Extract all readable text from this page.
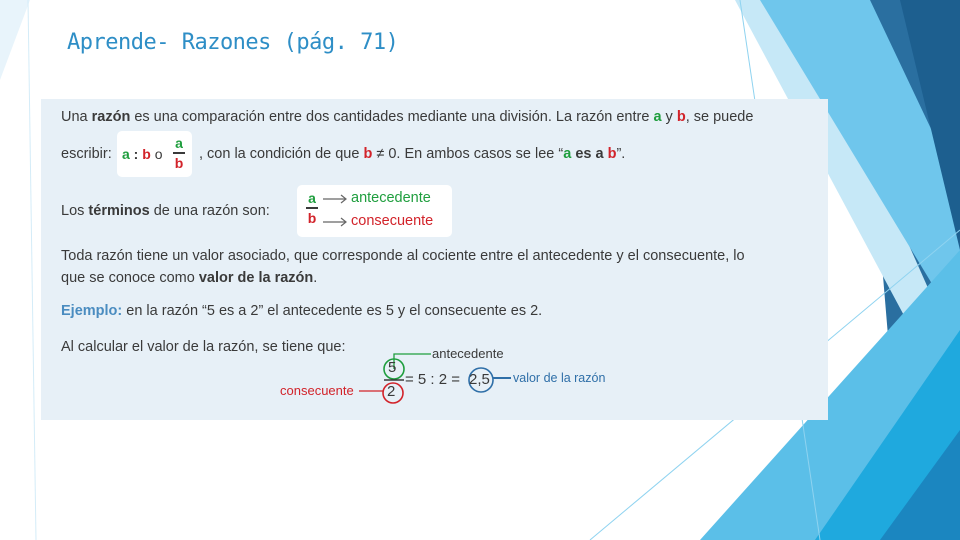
Aprende- Razones (pág. 71)
Una razón es una comparación entre dos cantidades mediante una división. La razón entre a y b, se puede
escribir: a : b o
a
b
, con la condición de que b ≠ 0. En ambos casos se lee “a es a b”.
Los términos de una razón son:
a
b
antecedente
consecuente
Toda razón tiene un valor asociado, que corresponde al cociente entre el antecedente y el consecuente, lo
que se conoce como valor de la razón.
Ejemplo: en la razón “5 es a 2” el antecedente es 5 y el consecuente es 2.
Al calcular el valor de la razón, se tiene que:	antecedente
5
2
= 5 : 2 = 2,5 valor de la razón
consecuente
